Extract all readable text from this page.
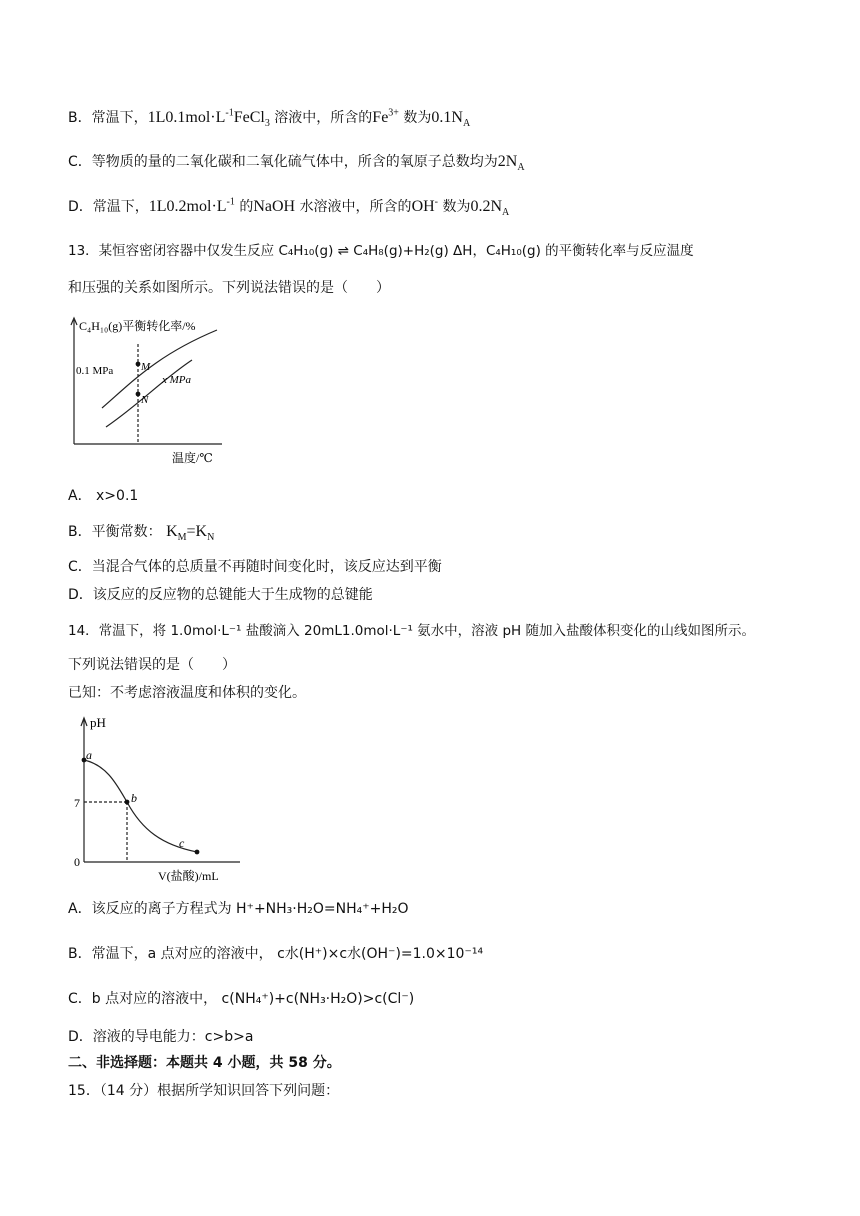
B．常温下，$1L0.1mol\cdot L^{-1}FeCl_3$ 溶液中，所含的$Fe^{3+}$ 数为$0.1N_A$
C．等物质的量的二氧化碳和二氧化硫气体中，所含的氧原子总数均为$2N_A$
D．常温下，$1L0.2mol\cdot L^{-1}$ 的NaOH 水溶液中，所含的OH- 数为$0.2N_A$
13．某恒容密闭容器中仅发生反应 C₄H₁₀(g) ⇌ C₄H₈(g)+H₂(g) ΔH，C₄H₁₀(g) 的平衡转化率与反应温度
和压强的关系如图所示。下列说法错误的是（　　）
C₄H₁₀(g)平衡转化率/%
0.1 MPa
x MPa
M
N
温度/℃
A． x>0.1
B．平衡常数： $K_M=K_N$
C．当混合气体的总质量不再随时间变化时，该反应达到平衡
D．该反应的反应物的总键能大于生成物的总键能
14．常温下，将 1.0mol·L⁻¹ 盐酸滴入 20mL1.0mol·L⁻¹ 氨水中，溶液 pH 随加入盐酸体积变化的山线如图所示。
下列说法错误的是（　　）
已知：不考虑溶液温度和体积的变化。
pH
a
b
c
7
0
V(盐酸)/mL
A．该反应的离子方程式为 H⁺+NH₃·H₂O=NH₄⁺+H₂O
B．常温下，a 点对应的溶液中， c水(H⁺)×c水(OH⁻)=1.0×10⁻¹⁴
C．b 点对应的溶液中， c(NH₄⁺)+c(NH₃·H₂O)>c(Cl⁻)
D．溶液的导电能力：c>b>a
二、非选择题：本题共 4 小题，共 58 分。
15．（14 分）根据所学知识回答下列问题：
